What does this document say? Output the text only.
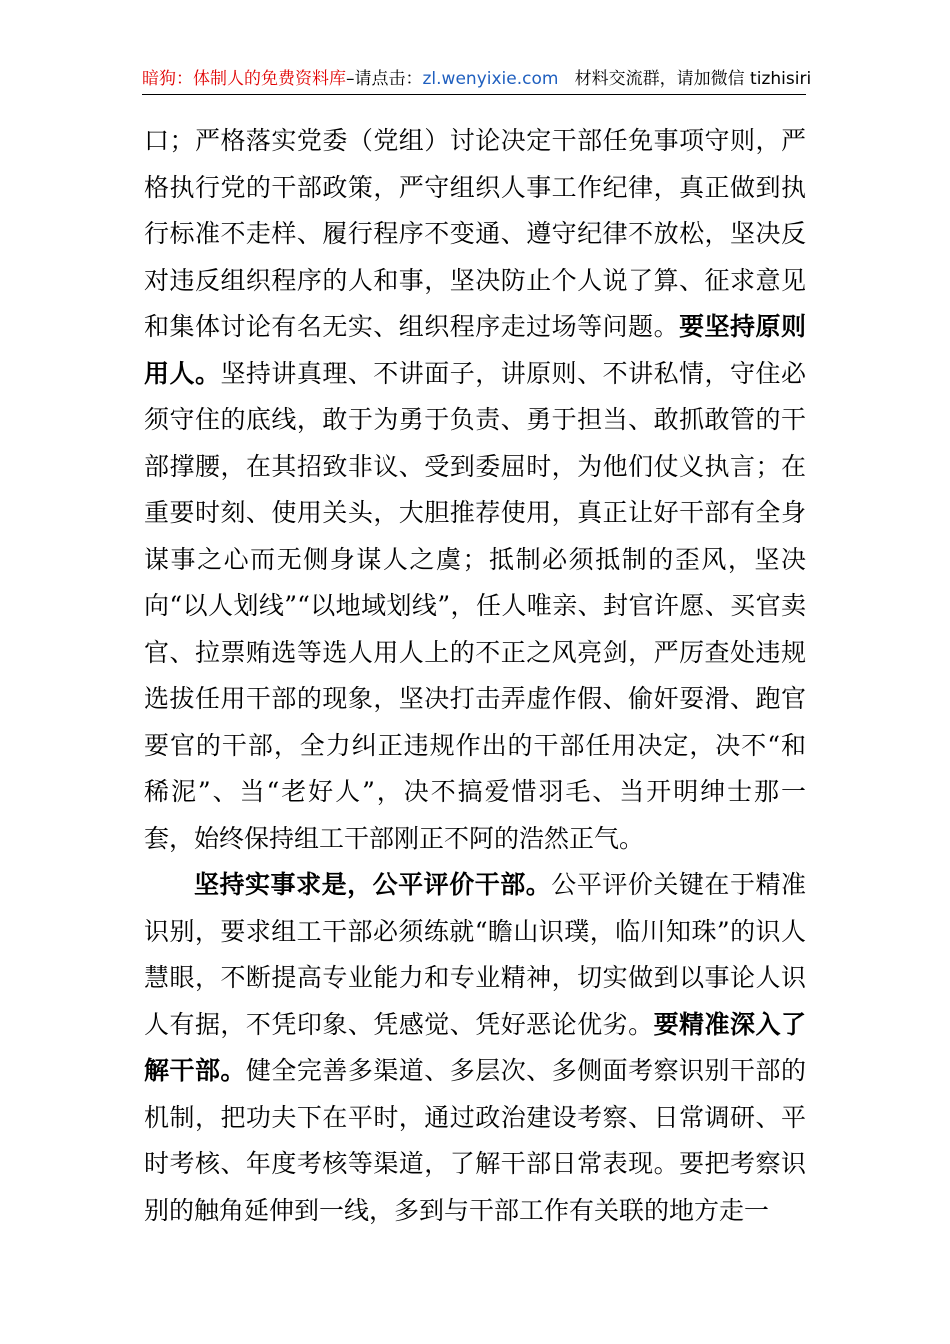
暗狗：体制人的免费资料库–请点击：zl.wenyixie.com 材料交流群，请加微信 tizhisiri

口；严格落实党委（党组）讨论决定干部任免事项守则，严格执行党的干部政策，严守组织人事工作纪律，真正做到执行标准不走样、履行程序不变通、遵守纪律不放松，坚决反对违反组织程序的人和事，坚决防止个人说了算、征求意见和集体讨论有名无实、组织程序走过场等问题。要坚持原则用人。坚持讲真理、不讲面子，讲原则、不讲私情，守住必须守住的底线，敢于为勇于负责、勇于担当、敢抓敢管的干部撑腰，在其招致非议、受到委屈时，为他们仗义执言；在重要时刻、使用关头，大胆推荐使用，真正让好干部有全身谋事之心而无侧身谋人之虞；抵制必须抵制的歪风，坚决向“以人划线”“以地域划线”，任人唯亲、封官许愿、买官卖官、拉票贿选等选人用人上的不正之风亮剑，严厉查处违规选拔任用干部的现象，坚决打击弄虚作假、偷奸耍滑、跑官要官的干部，全力纠正违规作出的干部任用决定，决不“和稀泥”、当“老好人”，决不搞爱惜羽毛、当开明绅士那一套，始终保持组工干部刚正不阿的浩然正气。

坚持实事求是，公平评价干部。公平评价关键在于精准识别，要求组工干部必须练就“瞻山识璞，临川知珠”的识人慧眼，不断提高专业能力和专业精神，切实做到以事论人识人有据，不凭印象、凭感觉、凭好恶论优劣。要精准深入了解干部。健全完善多渠道、多层次、多侧面考察识别干部的机制，把功夫下在平时，通过政治建设考察、日常调研、平时考核、年度考核等渠道，了解干部日常表现。要把考察识别的触角延伸到一线，多到与干部工作有关联的地方走一
